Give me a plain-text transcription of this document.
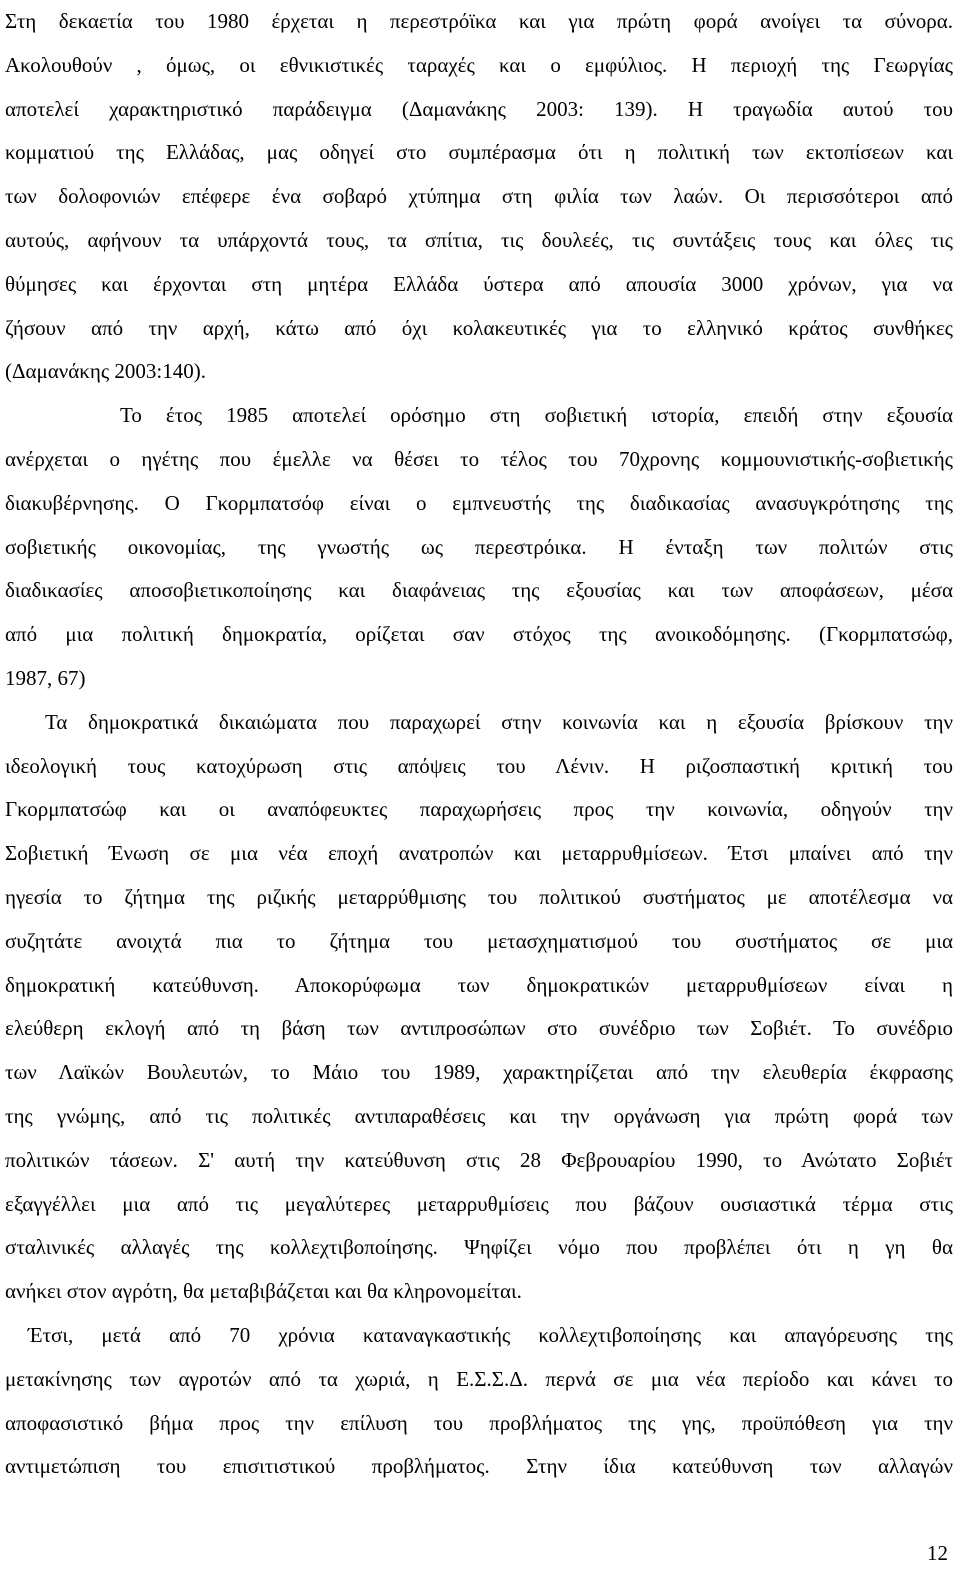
Στη δεκαετία του 1980 έρχεται η περεστρόϊκα και για πρώτη φορά ανοίγει τα σύνορα.
Ακολουθούν , όμως, οι εθνικιστικές ταραχές και ο εμφύλιος. Η περιοχή της Γεωργίας
αποτελεί χαρακτηριστικό παράδειγμα (Δαμανάκης 2003: 139). Η τραγωδία αυτού του
κομματιού της Ελλάδας, μας οδηγεί στο συμπέρασμα ότι η πολιτική των εκτοπίσεων και
των δολοφονιών επέφερε ένα σοβαρό χτύπημα στη φιλία των λαών. Οι περισσότεροι από
αυτούς, αφήνουν τα υπάρχοντά τους, τα σπίτια, τις δουλεές, τις συντάξεις τους και όλες τις
θύμησες και έρχονται στη μητέρα Ελλάδα ύστερα από απουσία 3000 χρόνων, για να
ζήσουν από την αρχή, κάτω από όχι κολακευτικές για το ελληνικό κράτος συνθήκες
(Δαμανάκης 2003:140).
Το έτος 1985 αποτελεί ορόσημο στη σοβιετική ιστορία, επειδή στην εξουσία
ανέρχεται ο ηγέτης που έμελλε να θέσει το τέλος του 70χρονης κομμουνιστικής-σοβιετικής
διακυβέρνησης. Ο Γκορμπατσόφ είναι ο εμπνευστής της διαδικασίας ανασυγκρότησης της
σοβιετικής οικονομίας, της γνωστής ως περεστρόικα. Η ένταξη των πολιτών στις
διαδικασίες αποσοβιετικοποίησης και διαφάνειας της εξουσίας και των αποφάσεων, μέσα
από μια πολιτική δημοκρατία, ορίζεται σαν στόχος της ανοικοδόμησης. (Γκορμπατσώφ,
1987, 67)
Τα δημοκρατικά δικαιώματα που παραχωρεί στην κοινωνία και η εξουσία βρίσκουν την
ιδεολογική τους κατοχύρωση στις απόψεις του Λένιν. Η ριζοσπαστική κριτική του
Γκορμπατσώφ και οι αναπόφευκτες παραχωρήσεις προς την κοινωνία, οδηγούν την
Σοβιετική Ένωση σε μια νέα εποχή ανατροπών και μεταρρυθμίσεων. Έτσι μπαίνει από την
ηγεσία το ζήτημα της ριζικής μεταρρύθμισης του πολιτικού συστήματος με αποτέλεσμα να
συζητάτε ανοιχτά πια το ζήτημα του μετασχηματισμού του συστήματος σε μια
δημοκρατική κατεύθυνση. Αποκορύφωμα των δημοκρατικών μεταρρυθμίσεων είναι η
ελεύθερη εκλογή από τη βάση των αντιπροσώπων στο συνέδριο των Σοβιέτ. Το συνέδριο
των Λαϊκών Βουλευτών, το Μάιο του 1989, χαρακτηρίζεται από την ελευθερία έκφρασης
της γνώμης, από τις πολιτικές αντιπαραθέσεις και την οργάνωση για πρώτη φορά των
πολιτικών τάσεων. Σ' αυτή την κατεύθυνση στις 28 Φεβρουαρίου 1990, το Ανώτατο Σοβιέτ
εξαγγέλλει μια από τις μεγαλύτερες μεταρρυθμίσεις που βάζουν ουσιαστικά τέρμα στις
σταλινικές αλλαγές της κολλεχτιβοποίησης. Ψηφίζει νόμο που προβλέπει ότι η γη θα
ανήκει στον αγρότη, θα μεταβιβάζεται και θα κληρονομείται.
Έτσι, μετά από 70 χρόνια καταναγκαστικής κολλεχτιβοποίησης και απαγόρευσης της
μετακίνησης των αγροτών από τα χωριά, η Ε.Σ.Σ.Δ. περνά σε μια νέα περίοδο και κάνει το
αποφασιστικό βήμα προς την επίλυση του προβλήματος της γης, προϋπόθεση για την
αντιμετώπιση του επισιτιστικού προβλήματος. Στην ίδια κατεύθυνση των αλλαγών
12
